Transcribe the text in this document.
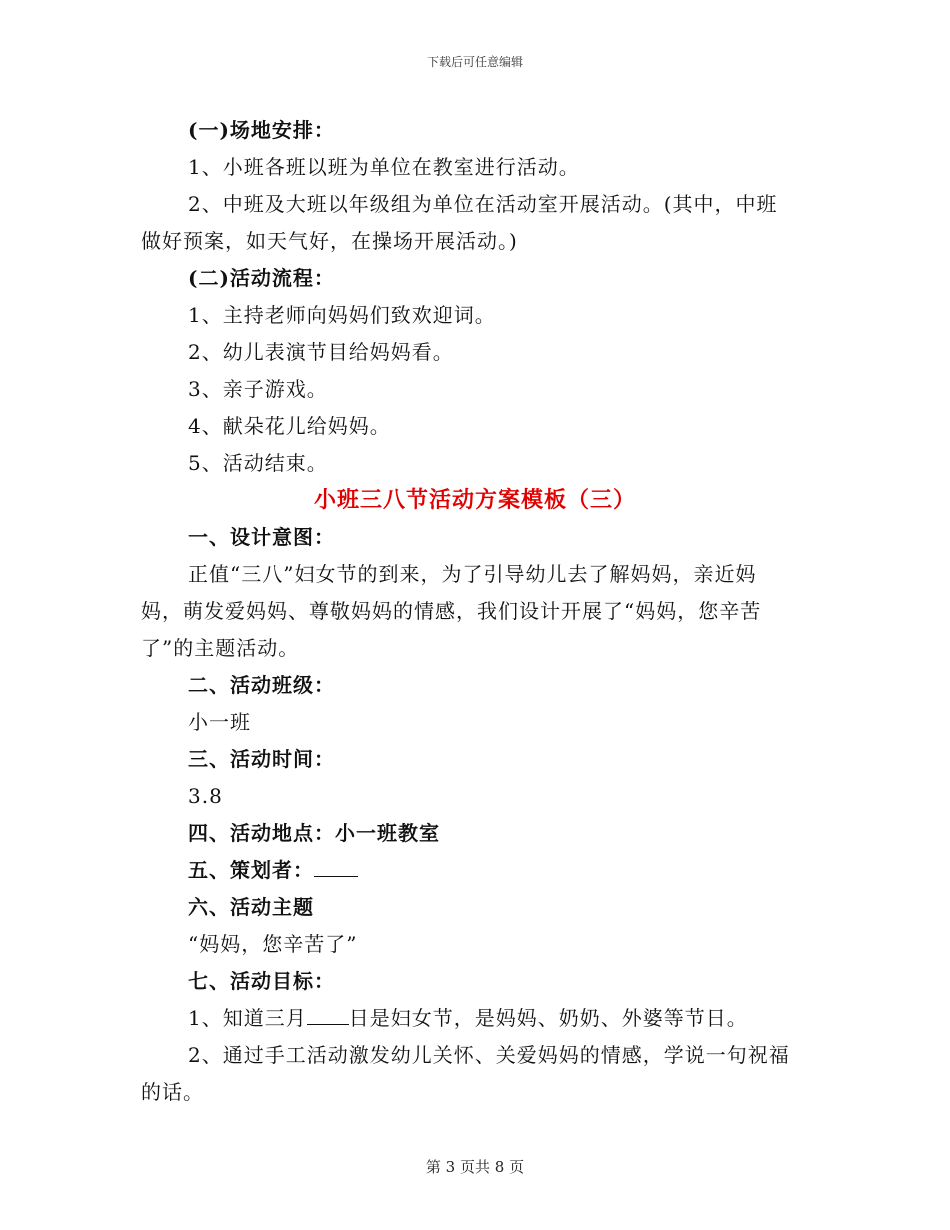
下载后可任意编辑
(一)场地安排：
1、小班各班以班为单位在教室进行活动。
2、中班及大班以年级组为单位在活动室开展活动。(其中，中班
做好预案，如天气好，在操场开展活动。)
(二)活动流程：
1、主持老师向妈妈们致欢迎词。
2、幼儿表演节目给妈妈看。
3、亲子游戏。
4、献朵花儿给妈妈。
5、活动结束。
小班三八节活动方案模板（三）
一、设计意图：
正值“三八”妇女节的到来，为了引导幼儿去了解妈妈，亲近妈
妈，萌发爱妈妈、尊敬妈妈的情感，我们设计开展了“妈妈，您辛苦
了”的主题活动。
二、活动班级：
小一班
三、活动时间：
3.8
四、活动地点：小一班教室
五、策划者：
六、活动主题
“妈妈，您辛苦了”
七、活动目标：
1、知道三月 日是妇女节，是妈妈、奶奶、外婆等节日。
2、通过手工活动激发幼儿关怀、关爱妈妈的情感，学说一句祝福
的话。
第 3 页共 8 页
